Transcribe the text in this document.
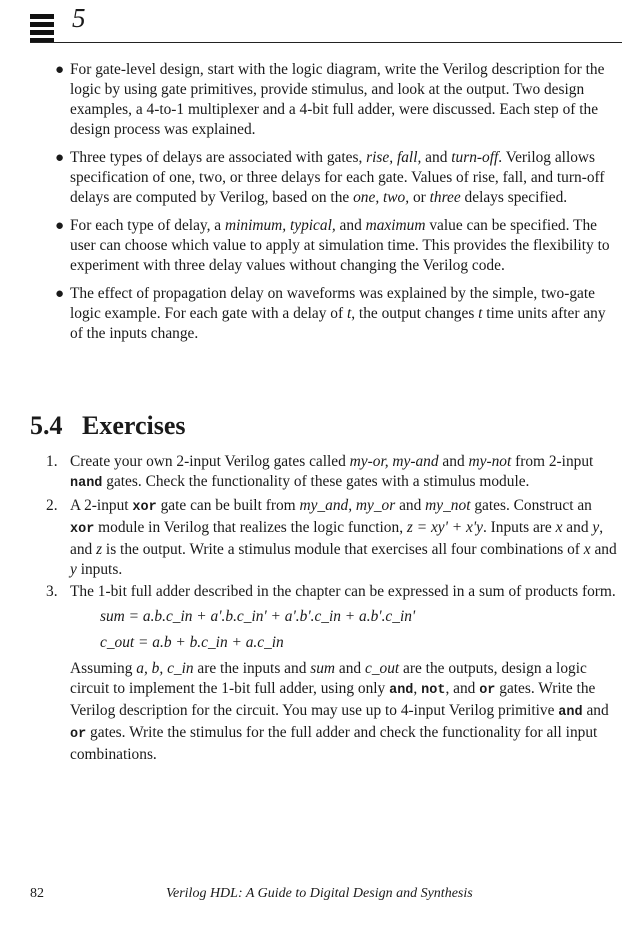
5
● For gate-level design, start with the logic diagram, write the Verilog description for the logic by using gate primitives, provide stimulus, and look at the output. Two design examples, a 4-to-1 multiplexer and a 4-bit full adder, were discussed. Each step of the design process was explained.
● Three types of delays are associated with gates, rise, fall, and turn-off. Verilog allows specification of one, two, or three delays for each gate. Values of rise, fall, and turn-off delays are computed by Verilog, based on the one, two, or three delays specified.
● For each type of delay, a minimum, typical, and maximum value can be specified. The user can choose which value to apply at simulation time. This provides the flexibility to experiment with three delay values without changing the Verilog code.
● The effect of propagation delay on waveforms was explained by the simple, two-gate logic example. For each gate with a delay of t, the output changes t time units after any of the inputs change.
5.4 Exercises
1. Create your own 2-input Verilog gates called my-or, my-and and my-not from 2-input nand gates. Check the functionality of these gates with a stimulus module.
2. A 2-input xor gate can be built from my_and, my_or and my_not gates. Construct an xor module in Verilog that realizes the logic function, z = xy' + x'y. Inputs are x and y, and z is the output. Write a stimulus module that exercises all four combinations of x and y inputs.
3. The 1-bit full adder described in the chapter can be expressed in a sum of products form.
sum = a.b.c_in + a'.b.c_in' + a'.b'.c_in + a.b'.c_in'
c_out = a.b + b.c_in + a.c_in
Assuming a, b, c_in are the inputs and sum and c_out are the outputs, design a logic circuit to implement the 1-bit full adder, using only and, not, and or gates. Write the Verilog description for the circuit. You may use up to 4-input Verilog primitive and and or gates. Write the stimulus for the full adder and check the functionality for all input combinations.
82	Verilog HDL: A Guide to Digital Design and Synthesis
